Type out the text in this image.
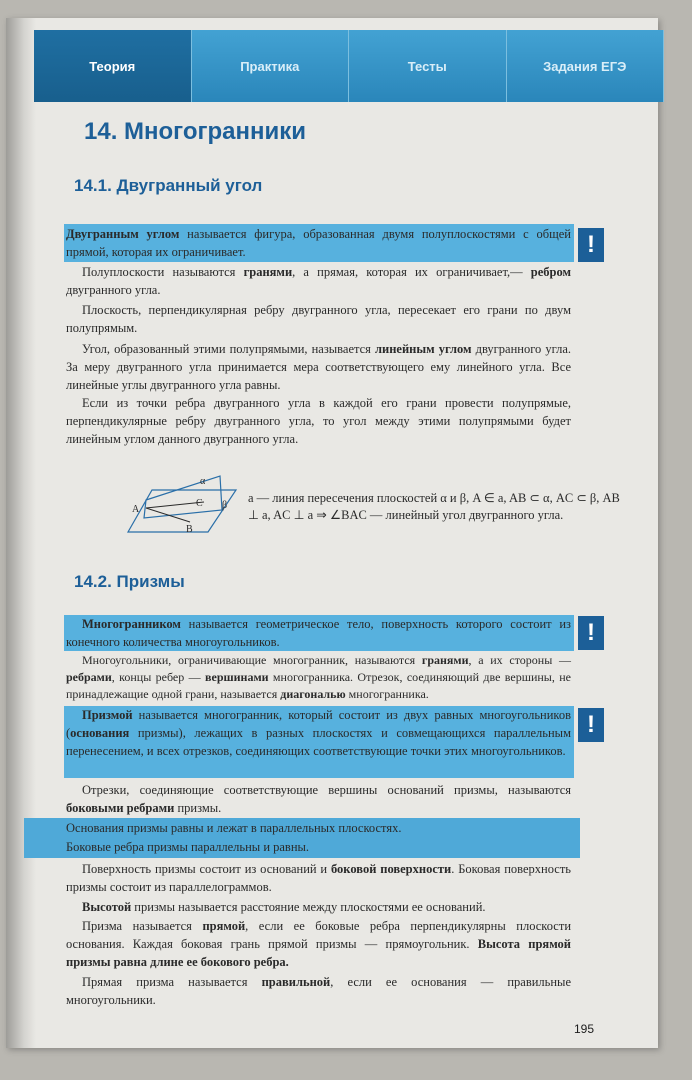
Теория	Практика	Тесты	Задания ЕГЭ
14. Многогранники
14.1. Двугранный угол
!

Двугранным углом называется фигура, образованная двумя полуплоскостями с общей прямой, которая их ограничивает.

Полуплоскости называются гранями, а прямая, которая их ограничивает,— ребром двугранного угла.

Плоскость, перпендикулярная ребру двугранного угла, пересекает его грани по двум полупрямым.

Угол, образованный этими полупрямыми, называется линейным углом двугранного угла. За меру двугранного угла принимается мера соответствующего ему линейного угла. Все линейные углы двугранного угла равны.

Если из точки ребра двугранного угла в каждой его грани провести полупрямые, перпендикулярные ребру двугранного угла, то угол между этими полупрямыми будет линейным углом данного двугранного угла.

α
A
C β
B

a — линия пересечения плоскостей α и β, A ∈ a, AB ⊂ α, AC ⊂ β, AB ⊥ a, AC ⊥ a ⇒ ∠BAC — линейный угол двугранного угла.

14.2. Призмы
!

Многогранником называется геометрическое тело, поверхность которого состоит из конечного количества многоугольников.

Многоугольники, ограничивающие многогранник, называются гранями, а их стороны — ребрами, концы ребер — вершинами многогранника. Отрезок, соединяющий две вершины, не принадлежащие одной грани, называется диагональю многогранника.

!

Призмой называется многогранник, который состоит из двух равных многоугольников (основания призмы), лежащих в разных плоскостях и совмещающихся параллельным перенесением, и всех отрезков, соединяющих соответствующие точки этих многоугольников.

Отрезки, соединяющие соответствующие вершины оснований призмы, называются боковыми ребрами призмы.

Основания призмы равны и лежат в параллельных плоскостях.

Боковые ребра призмы параллельны и равны.

Поверхность призмы состоит из оснований и боковой поверхности. Боковая поверхность призмы состоит из параллелограммов.

Высотой призмы называется расстояние между плоскостями ее оснований.

Призма называется прямой, если ее боковые ребра перпендикулярны плоскости основания. Каждая боковая грань прямой призмы — прямоугольник. Высота прямой призмы равна длине ее бокового ребра.

Прямая призма называется правильной, если ее основания — правильные многоугольники.

195
